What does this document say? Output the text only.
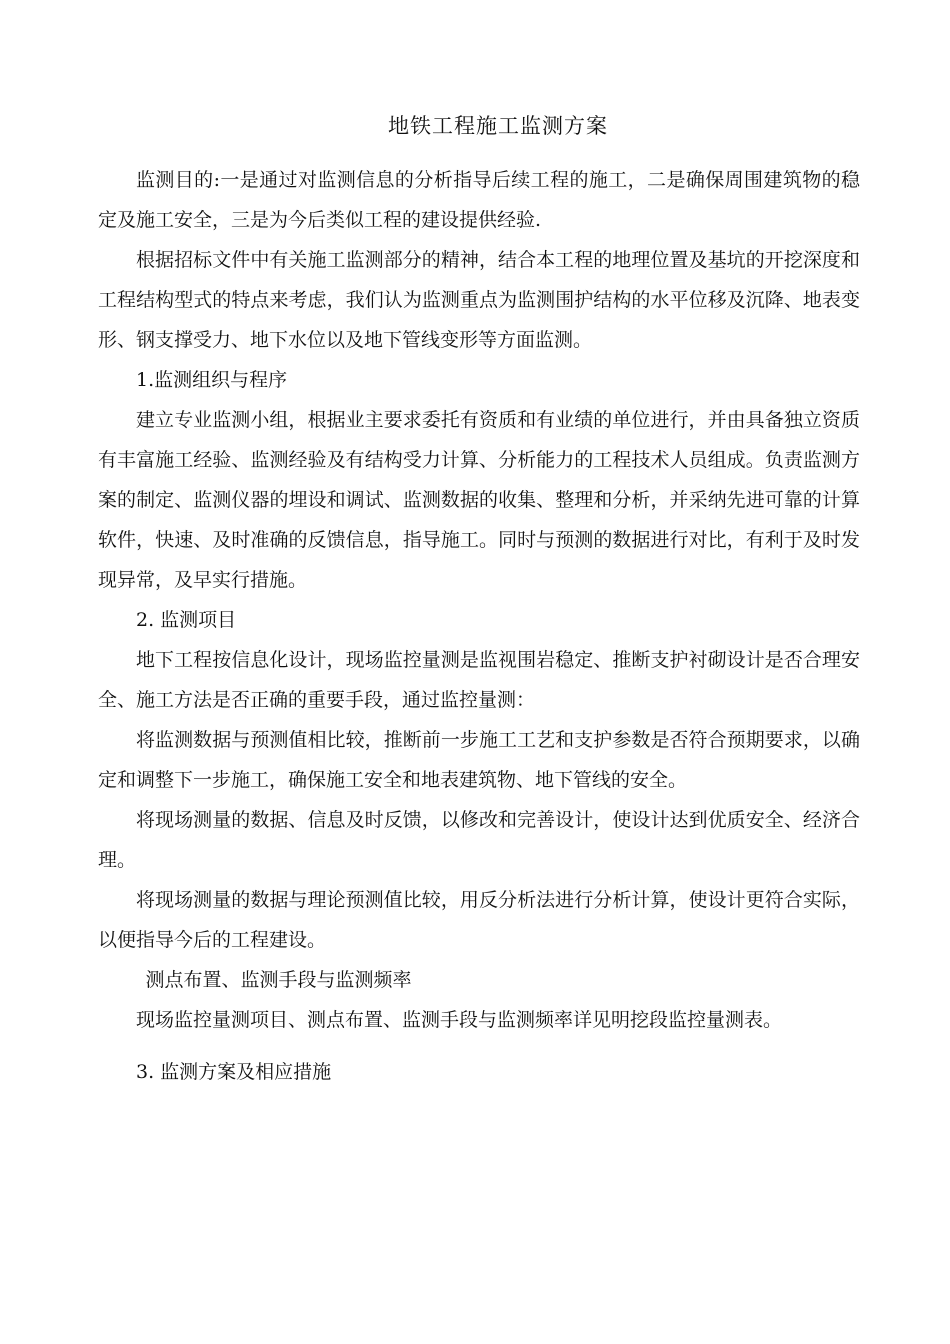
地铁工程施工监测方案

监测目的:一是通过对监测信息的分析指导后续工程的施工，二是确保周围建筑物的稳定及施工安全，三是为今后类似工程的建设提供经验.

根据招标文件中有关施工监测部分的精神，结合本工程的地理位置及基坑的开挖深度和工程结构型式的特点来考虑，我们认为监测重点为监测围护结构的水平位移及沉降、地表变形、钢支撑受力、地下水位以及地下管线变形等方面监测。

1.监测组织与程序

建立专业监测小组，根据业主要求委托有资质和有业绩的单位进行，并由具备独立资质有丰富施工经验、监测经验及有结构受力计算、分析能力的工程技术人员组成。负责监测方案的制定、监测仪器的埋设和调试、监测数据的收集、整理和分析，并采纳先进可靠的计算软件，快速、及时准确的反馈信息，指导施工。同时与预测的数据进行对比，有利于及时发现异常，及早实行措施。

2. 监测项目

地下工程按信息化设计，现场监控量测是监视围岩稳定、推断支护衬砌设计是否合理安全、施工方法是否正确的重要手段，通过监控量测：

将监测数据与预测值相比较，推断前一步施工工艺和支护参数是否符合预期要求，以确定和调整下一步施工，确保施工安全和地表建筑物、地下管线的安全。

将现场测量的数据、信息及时反馈，以修改和完善设计，使设计达到优质安全、经济合理。

将现场测量的数据与理论预测值比较，用反分析法进行分析计算，使设计更符合实际，以便指导今后的工程建设。

测点布置、监测手段与监测频率

现场监控量测项目、测点布置、监测手段与监测频率详见明挖段监控量测表。

3. 监测方案及相应措施
